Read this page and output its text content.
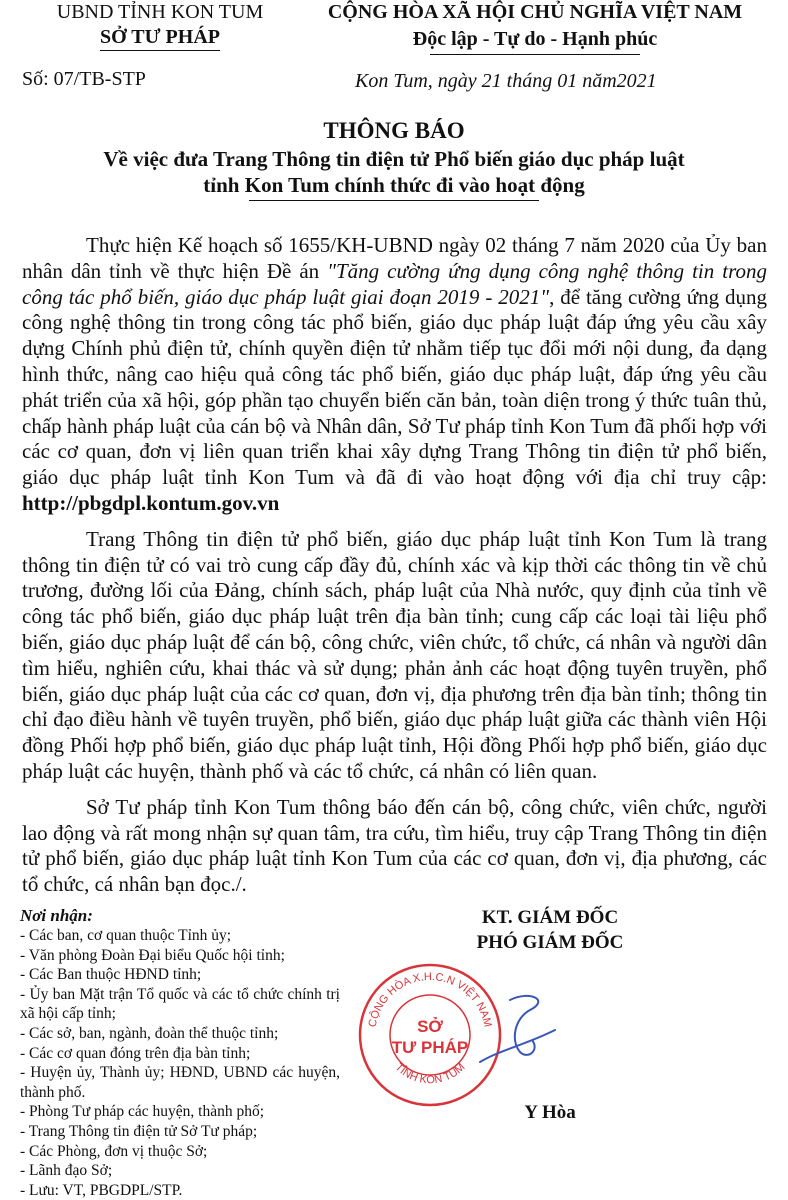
UBND TỈNH KON TUM
SỞ TƯ PHÁP
CỘNG HÒA XÃ HỘI CHỦ NGHĨA VIỆT NAM
Độc lập - Tự do - Hạnh phúc
Số: 07/TB-STP	Kon Tum, ngày 21 tháng 01 năm2021
THÔNG BÁO
Về việc đưa Trang Thông tin điện tử Phổ biến giáo dục pháp luật
tỉnh Kon Tum chính thức đi vào hoạt động

Thực hiện Kế hoạch số 1655/KH-UBND ngày 02 tháng 7 năm 2020 của Ủy ban nhân dân tỉnh về thực hiện Đề án "Tăng cường ứng dụng công nghệ thông tin trong công tác phổ biến, giáo dục pháp luật giai đoạn 2019 - 2021", để tăng cường ứng dụng công nghệ thông tin trong công tác phổ biến, giáo dục pháp luật đáp ứng yêu cầu xây dựng Chính phủ điện tử, chính quyền điện tử nhằm tiếp tục đổi mới nội dung, đa dạng hình thức, nâng cao hiệu quả công tác phổ biến, giáo dục pháp luật, đáp ứng yêu cầu phát triển của xã hội, góp phần tạo chuyển biến căn bản, toàn diện trong ý thức tuân thủ, chấp hành pháp luật của cán bộ và Nhân dân, Sở Tư pháp tỉnh Kon Tum đã phối hợp với các cơ quan, đơn vị liên quan triển khai xây dựng Trang Thông tin điện tử phổ biến, giáo dục pháp luật tỉnh Kon Tum và đã đi vào hoạt động với địa chỉ truy cập: http://pbgdpl.kontum.gov.vn

Trang Thông tin điện tử phổ biến, giáo dục pháp luật tỉnh Kon Tum là trang thông tin điện tử có vai trò cung cấp đầy đủ, chính xác và kịp thời các thông tin về chủ trương, đường lối của Đảng, chính sách, pháp luật của Nhà nước, quy định của tỉnh về công tác phổ biến, giáo dục pháp luật trên địa bàn tỉnh; cung cấp các loại tài liệu phổ biến, giáo dục pháp luật để cán bộ, công chức, viên chức, tổ chức, cá nhân và người dân tìm hiểu, nghiên cứu, khai thác và sử dụng; phản ảnh các hoạt động tuyên truyền, phổ biến, giáo dục pháp luật của các cơ quan, đơn vị, địa phương trên địa bàn tỉnh; thông tin chỉ đạo điều hành về tuyên truyền, phổ biến, giáo dục pháp luật giữa các thành viên Hội đồng Phối hợp phổ biến, giáo dục pháp luật tỉnh, Hội đồng Phối hợp phổ biến, giáo dục pháp luật các huyện, thành phố và các tổ chức, cá nhân có liên quan.

Sở Tư pháp tỉnh Kon Tum thông báo đến cán bộ, công chức, viên chức, người lao động và rất mong nhận sự quan tâm, tra cứu, tìm hiểu, truy cập Trang Thông tin điện tử phổ biến, giáo dục pháp luật tỉnh Kon Tum của các cơ quan, đơn vị, địa phương, các tổ chức, cá nhân bạn đọc./.

Nơi nhận:
- Các ban, cơ quan thuộc Tỉnh ủy;
- Văn phòng Đoàn Đại biểu Quốc hội tỉnh;
- Các Ban thuộc HĐND tỉnh;
- Ủy ban Mặt trận Tổ quốc và các tổ chức chính trị xã hội cấp tỉnh;
- Các sở, ban, ngành, đoàn thể thuộc tỉnh;
- Các cơ quan đóng trên địa bàn tỉnh;
- Huyện ủy, Thành ủy; HĐND, UBND các huyện, thành phố.
- Phòng Tư pháp các huyện, thành phố;
- Trang Thông tin điện tử Sở Tư pháp;
- Các Phòng, đơn vị thuộc Sở;
- Lãnh đạo Sở;
- Lưu: VT, PBGDPL/STP.
KT. GIÁM ĐỐC
PHÓ GIÁM ĐỐC
Y Hòa
CỘNG HÒA X.H.C.N VIỆT NAM
TỈNH KON TUM
SỞ
TƯ PHÁP
